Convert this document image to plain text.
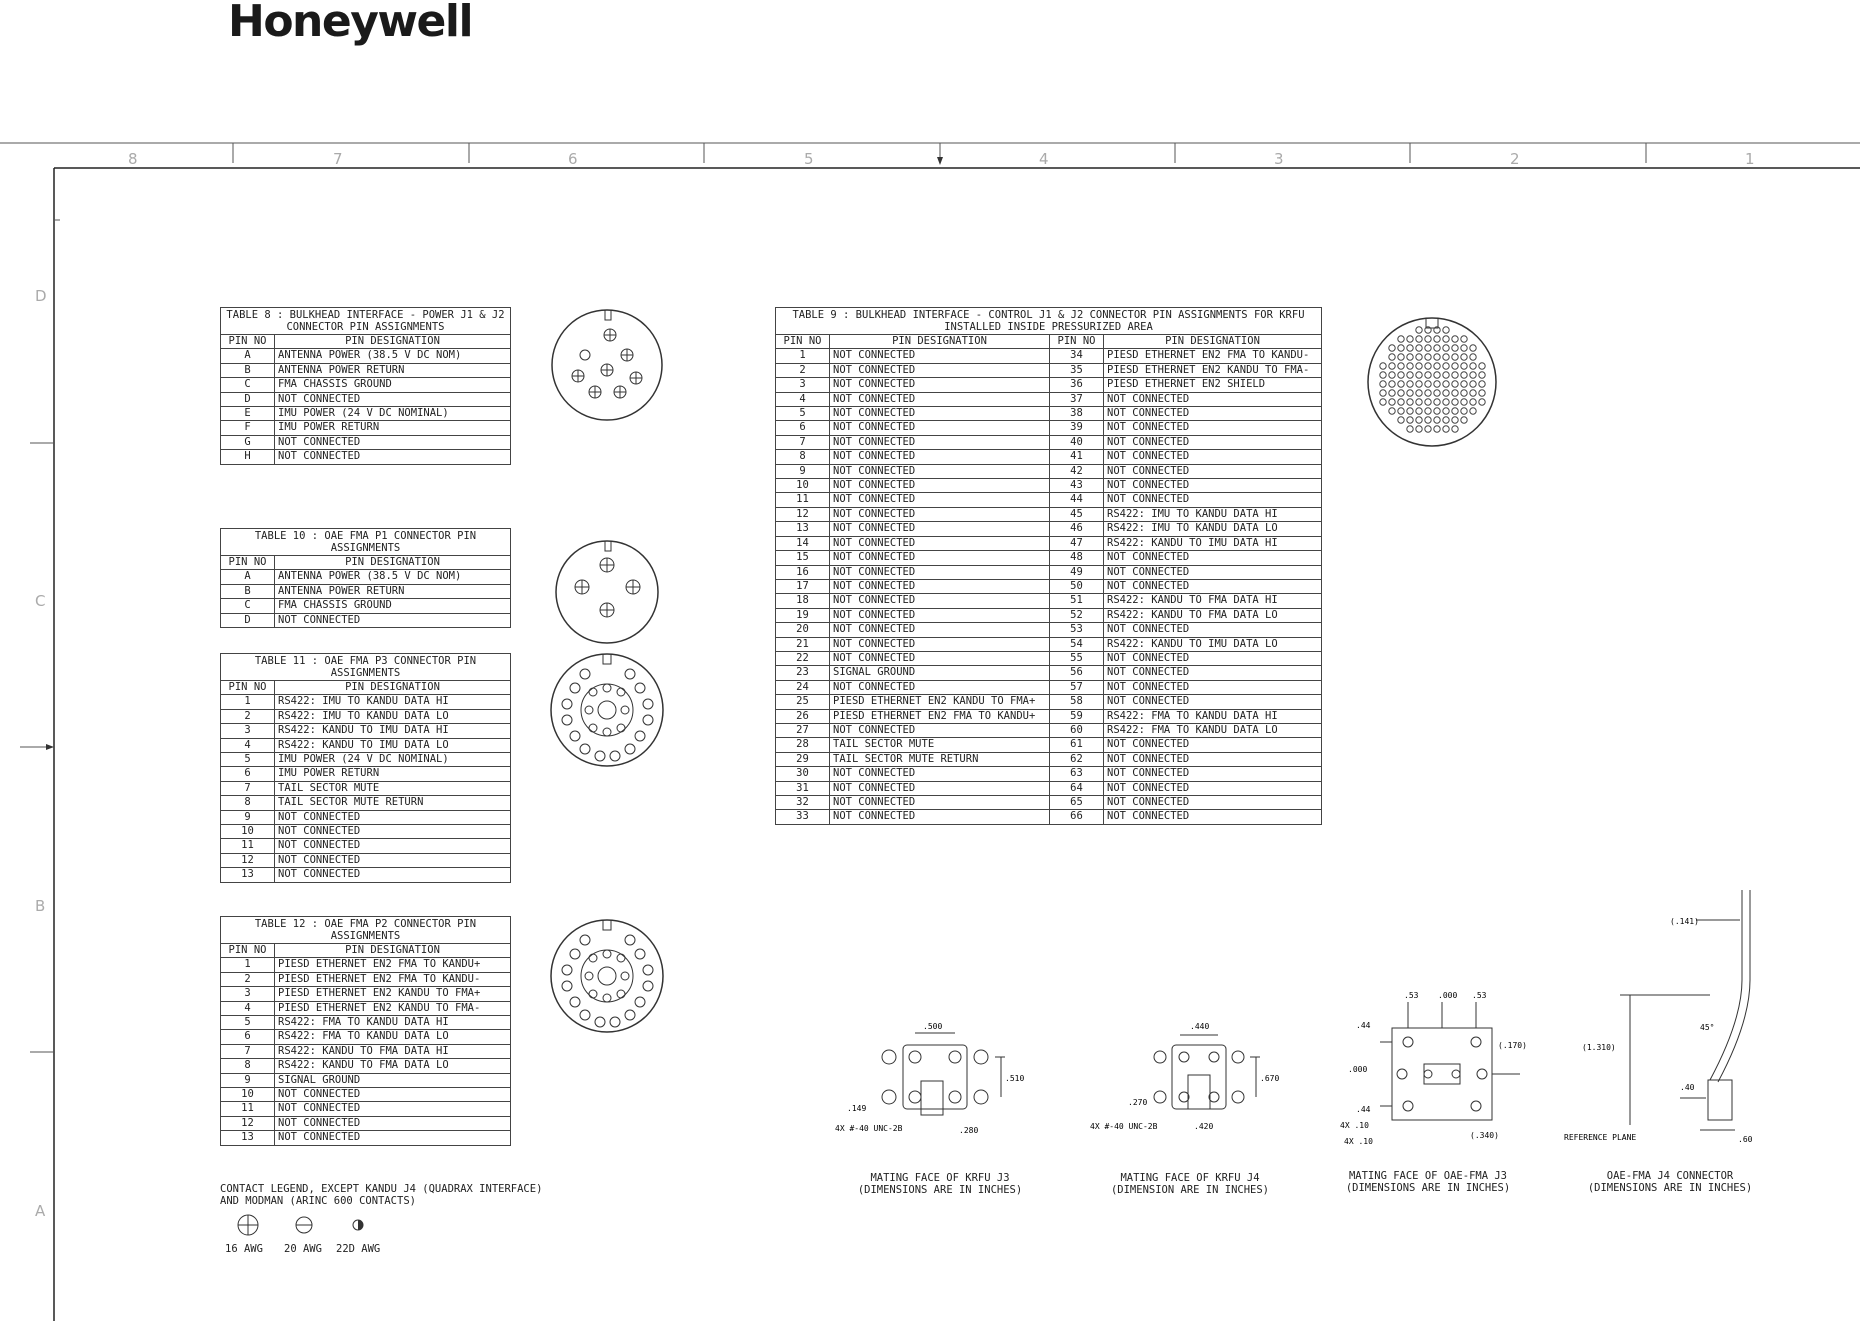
Honeywell
8	7	6	5	4	3	2	1
D
C
B
A
TABLE 8 : BULKHEAD INTERFACE - POWER J1 & J2 CONNECTOR PIN ASSIGNMENTS
PIN NO	PIN DESIGNATION
A	ANTENNA POWER (38.5 V DC NOM)
B	ANTENNA POWER RETURN
C	FMA CHASSIS GROUND
D	NOT CONNECTED
E	IMU POWER (24 V DC NOMINAL)
F	IMU POWER RETURN
G	NOT CONNECTED
H	NOT CONNECTED
TABLE 10 : OAE FMA P1 CONNECTOR PIN ASSIGNMENTS
PIN NO	PIN DESIGNATION
A	ANTENNA POWER (38.5 V DC NOM)
B	ANTENNA POWER RETURN
C	FMA CHASSIS GROUND
D	NOT CONNECTED
TABLE 11 : OAE FMA P3 CONNECTOR PIN ASSIGNMENTS
PIN NO	PIN DESIGNATION
1	RS422: IMU TO KANDU DATA HI
2	RS422: IMU TO KANDU DATA LO
3	RS422: KANDU TO IMU DATA HI
4	RS422: KANDU TO IMU DATA LO
5	IMU POWER (24 V DC NOMINAL)
6	IMU POWER RETURN
7	TAIL SECTOR MUTE
8	TAIL SECTOR MUTE RETURN
9	NOT CONNECTED
10	NOT CONNECTED
11	NOT CONNECTED
12	NOT CONNECTED
13	NOT CONNECTED
TABLE 12 : OAE FMA P2 CONNECTOR PIN ASSIGNMENTS
PIN NO	PIN DESIGNATION
1	PIESD ETHERNET EN2 FMA TO KANDU+
2	PIESD ETHERNET EN2 FMA TO KANDU-
3	PIESD ETHERNET EN2 KANDU TO FMA+
4	PIESD ETHERNET EN2 KANDU TO FMA-
5	RS422: FMA TO KANDU DATA HI
6	RS422: FMA TO KANDU DATA LO
7	RS422: KANDU TO FMA DATA HI
8	RS422: KANDU TO FMA DATA LO
9	SIGNAL GROUND
10	NOT CONNECTED
11	NOT CONNECTED
12	NOT CONNECTED
13	NOT CONNECTED
TABLE 9 : BULKHEAD INTERFACE - CONTROL J1 & J2 CONNECTOR PIN ASSIGNMENTS FOR KRFU INSTALLED INSIDE PRESSURIZED AREA
PIN NO	PIN DESIGNATION	PIN NO	PIN DESIGNATION
1	NOT CONNECTED	34	PIESD ETHERNET EN2 FMA TO KANDU-
2	NOT CONNECTED	35	PIESD ETHERNET EN2 KANDU TO FMA-
3	NOT CONNECTED	36	PIESD ETHERNET EN2 SHIELD
4	NOT CONNECTED	37	NOT CONNECTED
5	NOT CONNECTED	38	NOT CONNECTED
6	NOT CONNECTED	39	NOT CONNECTED
7	NOT CONNECTED	40	NOT CONNECTED
8	NOT CONNECTED	41	NOT CONNECTED
9	NOT CONNECTED	42	NOT CONNECTED
10	NOT CONNECTED	43	NOT CONNECTED
11	NOT CONNECTED	44	NOT CONNECTED
12	NOT CONNECTED	45	RS422: IMU TO KANDU DATA HI
13	NOT CONNECTED	46	RS422: IMU TO KANDU DATA LO
14	NOT CONNECTED	47	RS422: KANDU TO IMU DATA HI
15	NOT CONNECTED	48	NOT CONNECTED
16	NOT CONNECTED	49	NOT CONNECTED
17	NOT CONNECTED	50	NOT CONNECTED
18	NOT CONNECTED	51	RS422: KANDU TO FMA DATA HI
19	NOT CONNECTED	52	RS422: KANDU TO FMA DATA LO
20	NOT CONNECTED	53	NOT CONNECTED
21	NOT CONNECTED	54	RS422: KANDU TO IMU DATA LO
22	NOT CONNECTED	55	NOT CONNECTED
23	SIGNAL GROUND	56	NOT CONNECTED
24	NOT CONNECTED	57	NOT CONNECTED
25	PIESD ETHERNET EN2 KANDU TO FMA+	58	NOT CONNECTED
26	PIESD ETHERNET EN2 FMA TO KANDU+	59	RS422: FMA TO KANDU DATA HI
27	NOT CONNECTED	60	RS422: FMA TO KANDU DATA LO
28	TAIL SECTOR MUTE	61	NOT CONNECTED
29	TAIL SECTOR MUTE RETURN	62	NOT CONNECTED
30	NOT CONNECTED	63	NOT CONNECTED
31	NOT CONNECTED	64	NOT CONNECTED
32	NOT CONNECTED	65	NOT CONNECTED
33	NOT CONNECTED	66	NOT CONNECTED
.500
.510
.149
.280
4X #-40 UNC-2B
MATING FACE OF KRFU J3
(DIMENSIONS ARE IN INCHES)
.440
.670
.270
.420
4X #-40 UNC-2B
MATING FACE OF KRFU J4
(DIMENSION ARE IN INCHES)
.53 .000 .53
.44
.000
.44
(.170)
4X .10
4X .10
(.340)
MATING FACE OF OAE-FMA J3
(DIMENSIONS ARE IN INCHES)
(.141)
(1.310)
45°
.40
REFERENCE PLANE	.60
OAE-FMA J4 CONNECTOR
(DIMENSIONS ARE IN INCHES)
CONTACT LEGEND, EXCEPT KANDU J4 (QUADRAX INTERFACE)
AND MODMAN (ARINC 600 CONTACTS)
16 AWG 20 AWG 22D AWG
